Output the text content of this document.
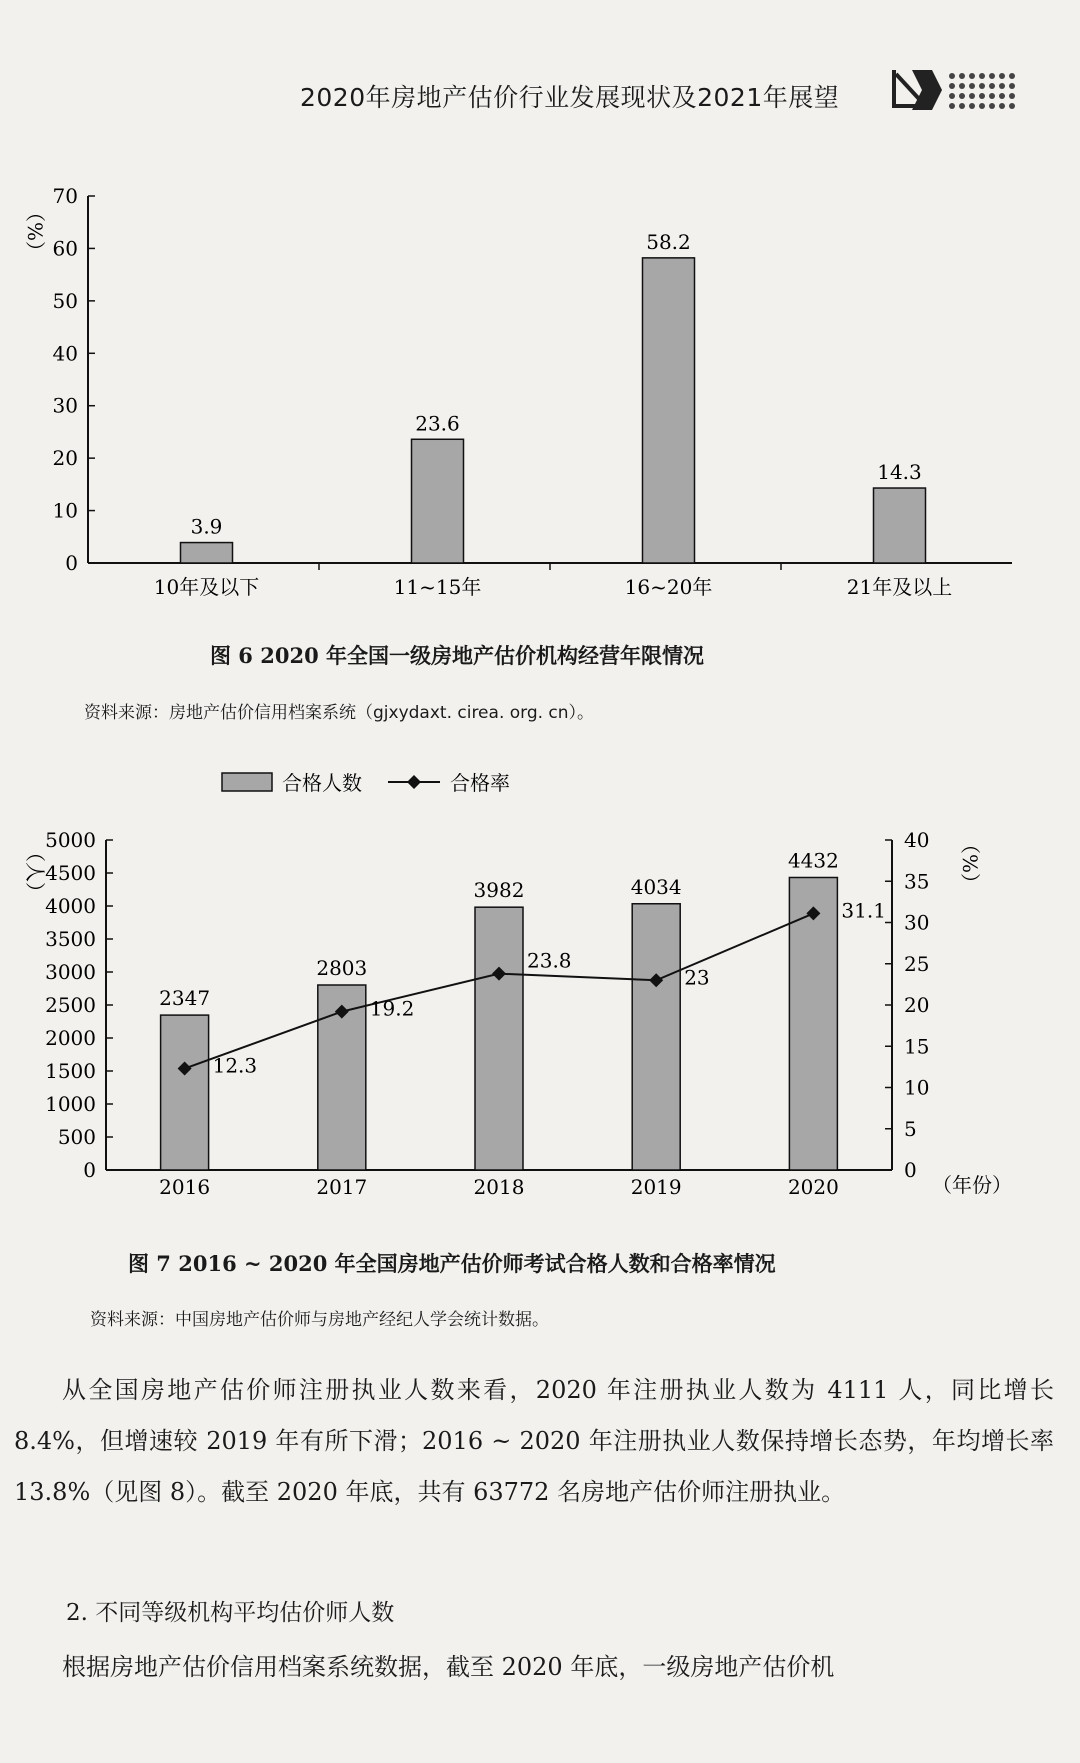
2020年房地产估价行业发展现状及2021年展望
0
10
20
30
40
50
60
70
（%）
3.9
10年及以下
23.6
11~15年
58.2
16~20年
14.3
21年及以上
图 6 2020 年全国一级房地产估价机构经营年限情况
资料来源：房地产估价信用档案系统（gjxydaxt. cirea. org. cn）。
合格人数	合格率
0
500
1000
1500
2000
2500
3000
3500
4000
4500
5000
0
5
10
15
20
25
30
35
40
（人）	（%）
（年份）
2347
2016
2803
2017
3982
2018
4034
2019
4432
2020
12.3
19.2
23.8
23
31.1
图 7 2016 ~ 2020 年全国房地产估价师考试合格人数和合格率情况
资料来源：中国房地产估价师与房地产经纪人学会统计数据。

从全国房地产估价师注册执业人数来看，2020 年注册执业人数为 4111 人，同比增长 8.4%，但增速较 2019 年有所下滑；2016 ~ 2020 年注册执业人数保持增长态势，年均增长率 13.8%（见图 8）。截至 2020 年底，共有 63772 名房地产估价师注册执业。

2. 不同等级机构平均估价师人数

根据房地产估价信用档案系统数据，截至 2020 年底，一级房地产估价机
